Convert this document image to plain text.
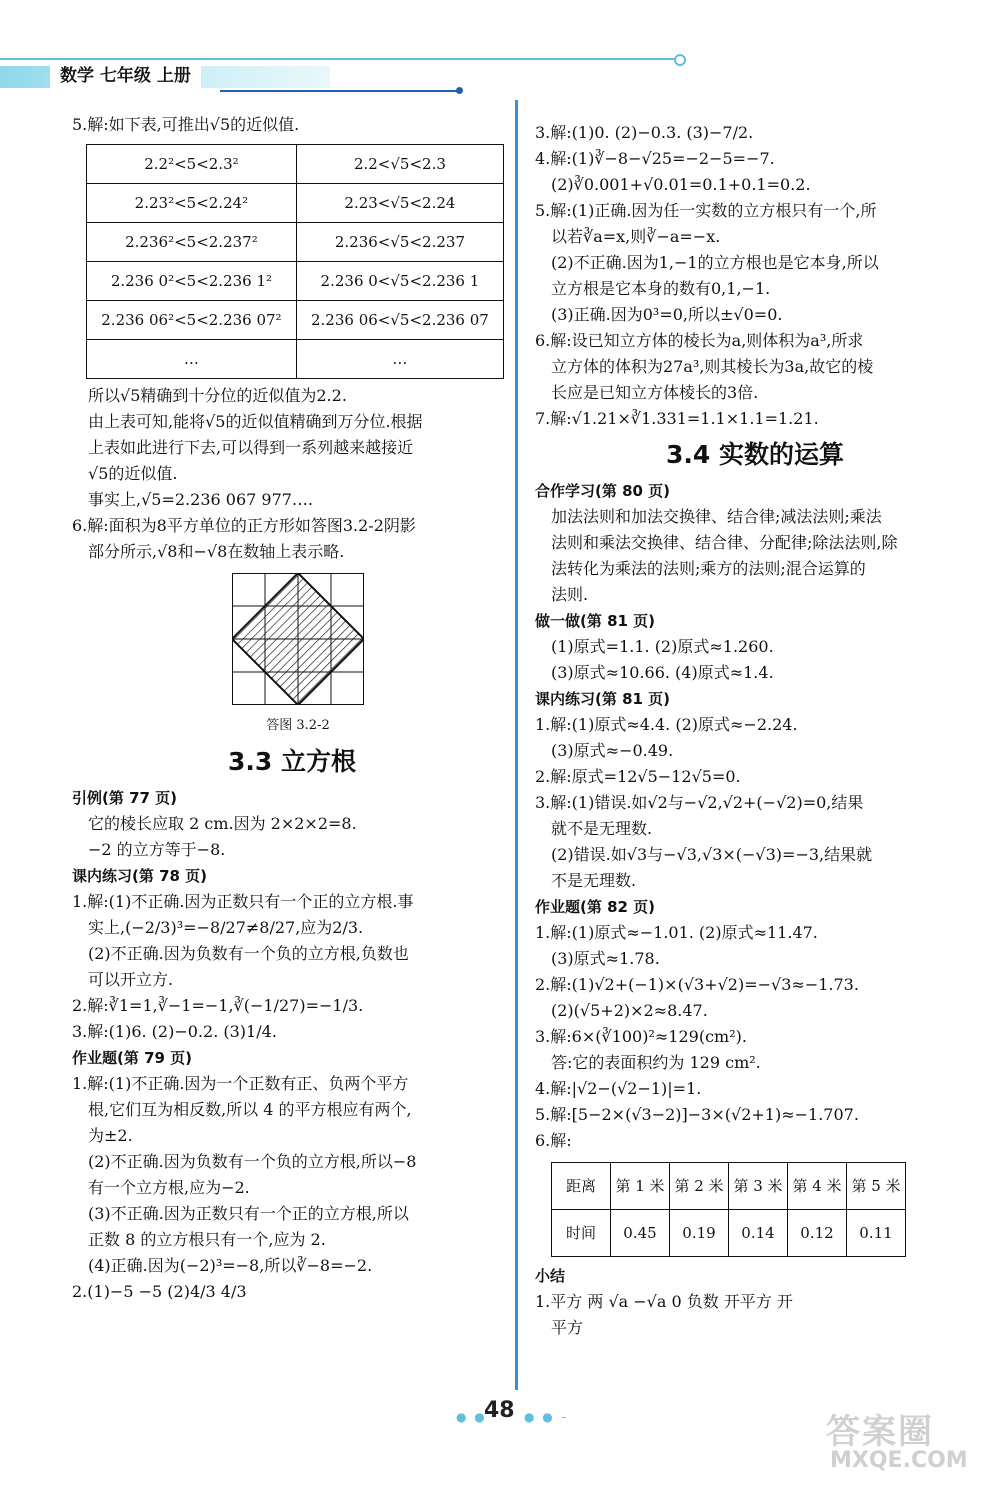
数学 七年级 上册

5.解:如下表,可推出√5的近似值.

2.2²<5<2.3²	2.2<√5<2.3
2.23²<5<2.24²	2.23<√5<2.24
2.236²<5<2.237²	2.236<√5<2.237
2.236 0²<5<2.236 1²	2.236 0<√5<2.236 1
2.236 06²<5<2.236 07²	2.236 06<√5<2.236 07
…	…

所以√5精确到十分位的近似值为2.2.

由上表可知,能将√5的近似值精确到万分位.根据

上表如此进行下去,可以得到一系列越来越接近

√5的近似值.

事实上,√5=2.236 067 977….

6.解:面积为8平方单位的正方形如答图3.2-2阴影

部分所示,√8和−√8在数轴上表示略.

答图 3.2-2
3.3 立方根

引例(第 77 页)

它的棱长应取 2 cm.因为 2×2×2=8.

−2 的立方等于−8.

课内练习(第 78 页)

1.解:(1)不正确.因为正数只有一个正的立方根.事

实上,(−2/3)³=−8/27≠8/27,应为2/3.

(2)不正确.因为负数有一个负的立方根,负数也

可以开立方.

2.解:∛1=1,∛−1=−1,∛(−1/27)=−1/3.

3.解:(1)6. (2)−0.2. (3)1/4.

作业题(第 79 页)

1.解:(1)不正确.因为一个正数有正、负两个平方

根,它们互为相反数,所以 4 的平方根应有两个,

为±2.

(2)不正确.因为负数有一个负的立方根,所以−8

有一个立方根,应为−2.

(3)不正确.因为正数只有一个正的立方根,所以

正数 8 的立方根只有一个,应为 2.

(4)正确.因为(−2)³=−8,所以∛−8=−2.

2.(1)−5 −5 (2)4/3 4/3

3.解:(1)0. (2)−0.3. (3)−7/2.

4.解:(1)∛−8−√25=−2−5=−7.

(2)∛0.001+√0.01=0.1+0.1=0.2.

5.解:(1)正确.因为任一实数的立方根只有一个,所

以若∛a=x,则∛−a=−x.

(2)不正确.因为1,−1的立方根也是它本身,所以

立方根是它本身的数有0,1,−1.

(3)正确.因为0³=0,所以±√0=0.

6.解:设已知立方体的棱长为a,则体积为a³,所求

立方体的体积为27a³,则其棱长为3a,故它的棱

长应是已知立方体棱长的3倍.

7.解:√1.21×∛1.331=1.1×1.1=1.21.

3.4 实数的运算

合作学习(第 80 页)

加法法则和加法交换律、结合律;减法法则;乘法

法则和乘法交换律、结合律、分配律;除法法则,除

法转化为乘法的法则;乘方的法则;混合运算的

法则.

做一做(第 81 页)

(1)原式=1.1. (2)原式≈1.260.

(3)原式≈10.66. (4)原式≈1.4.

课内练习(第 81 页)

1.解:(1)原式≈4.4. (2)原式≈−2.24.

(3)原式≈−0.49.

2.解:原式=12√5−12√5=0.

3.解:(1)错误.如√2与−√2,√2+(−√2)=0,结果

就不是无理数.

(2)错误.如√3与−√3,√3×(−√3)=−3,结果就

不是无理数.

作业题(第 82 页)

1.解:(1)原式≈−1.01. (2)原式≈11.47.

(3)原式≈1.78.

2.解:(1)√2+(−1)×(√3+√2)=−√3≈−1.73.

(2)(√5+2)×2≈8.47.

3.解:6×(∛100)²≈129(cm²).

答:它的表面积约为 129 cm².

4.解:|√2−(√2−1)|=1.

5.解:[5−2×(√3−2)]−3×(√2+1)≈−1.707.

6.解:

距离	第 1 米	第 2 米	第 3 米	第 4 米	第 5 米
时间	0.45	0.19	0.14	0.12	0.11

小结

1.平方 两 √a −√a 0 负数 开平方 开

平方

● ●
48 ● ● –	答案圈
MXQE.COM
